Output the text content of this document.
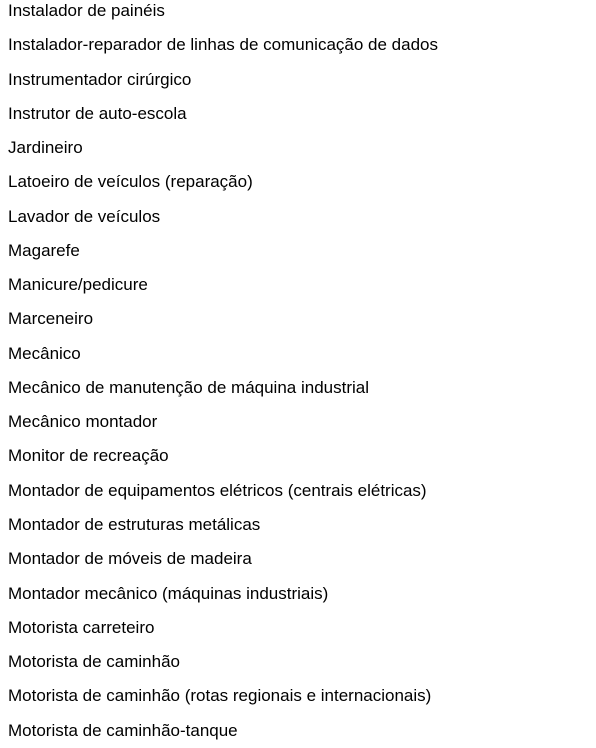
Instalador de painéis
Instalador-reparador de linhas de comunicação de dados
Instrumentador cirúrgico
Instrutor de auto-escola
Jardineiro
Latoeiro de veículos (reparação)
Lavador de veículos
Magarefe
Manicure/pedicure
Marceneiro
Mecânico
Mecânico de manutenção de máquina industrial
Mecânico montador
Monitor de recreação
Montador de equipamentos elétricos (centrais elétricas)
Montador de estruturas metálicas
Montador de móveis de madeira
Montador mecânico (máquinas industriais)
Motorista carreteiro
Motorista de caminhão
Motorista de caminhão (rotas regionais e internacionais)
Motorista de caminhão-tanque
